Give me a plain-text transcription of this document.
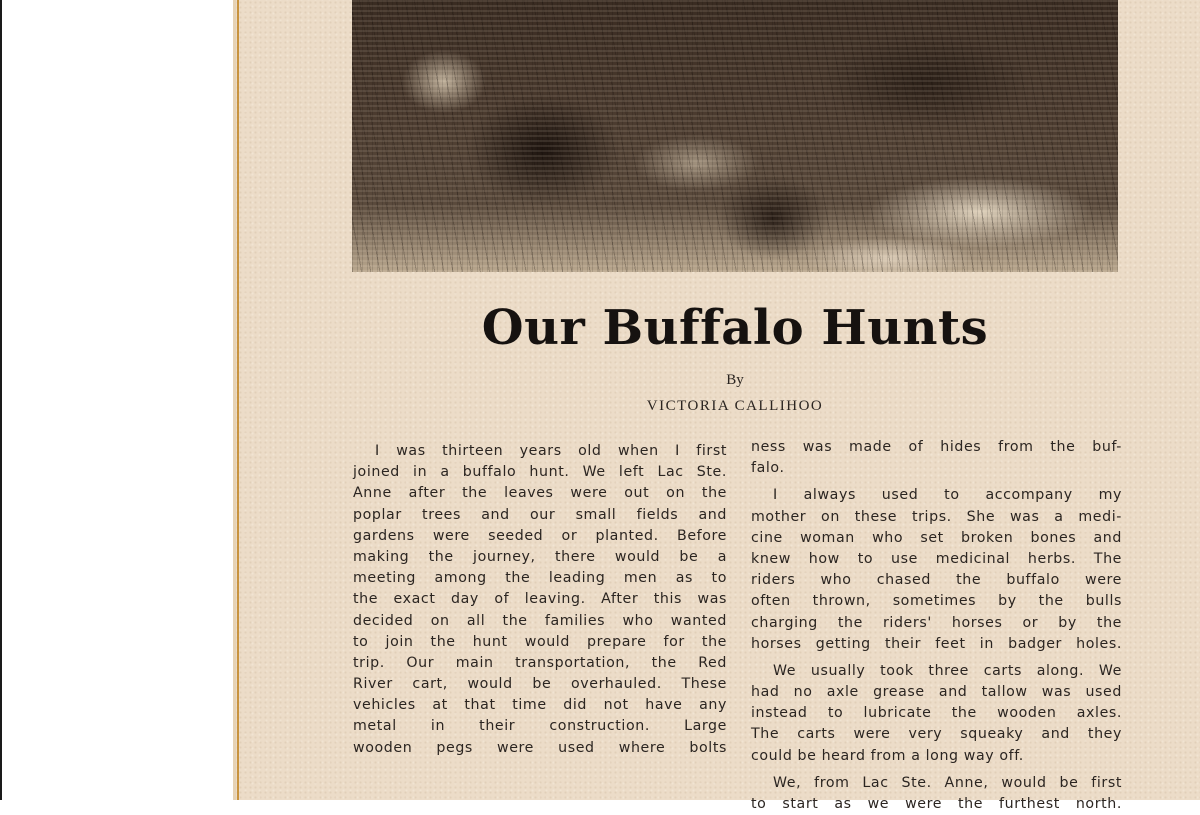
Our Buffalo Hunts
By
VICTORIA CALLIHOO
I was thirteen years old when I first
joined in a buffalo hunt. We left Lac Ste.
Anne after the leaves were out on the
poplar trees and our small fields and
gardens were seeded or planted. Before
making the journey, there would be a
meeting among the leading men as to
the exact day of leaving. After this was
decided on all the families who wanted
to join the hunt would prepare for the
trip. Our main transportation, the Red
River cart, would be overhauled. These
vehicles at that time did not have any
metal in their construction. Large
wooden pegs were used where bolts
ness was made of hides from the buf-
falo.
I always used to accompany my
mother on these trips. She was a medi-
cine woman who set broken bones and
knew how to use medicinal herbs. The
riders who chased the buffalo were
often thrown, sometimes by the bulls
charging the riders' horses or by the
horses getting their feet in badger holes.
We usually took three carts along. We
had no axle grease and tallow was used
instead to lubricate the wooden axles.
The carts were very squeaky and they
could be heard from a long way off.
We, from Lac Ste. Anne, would be first
to start as we were the furthest north.
